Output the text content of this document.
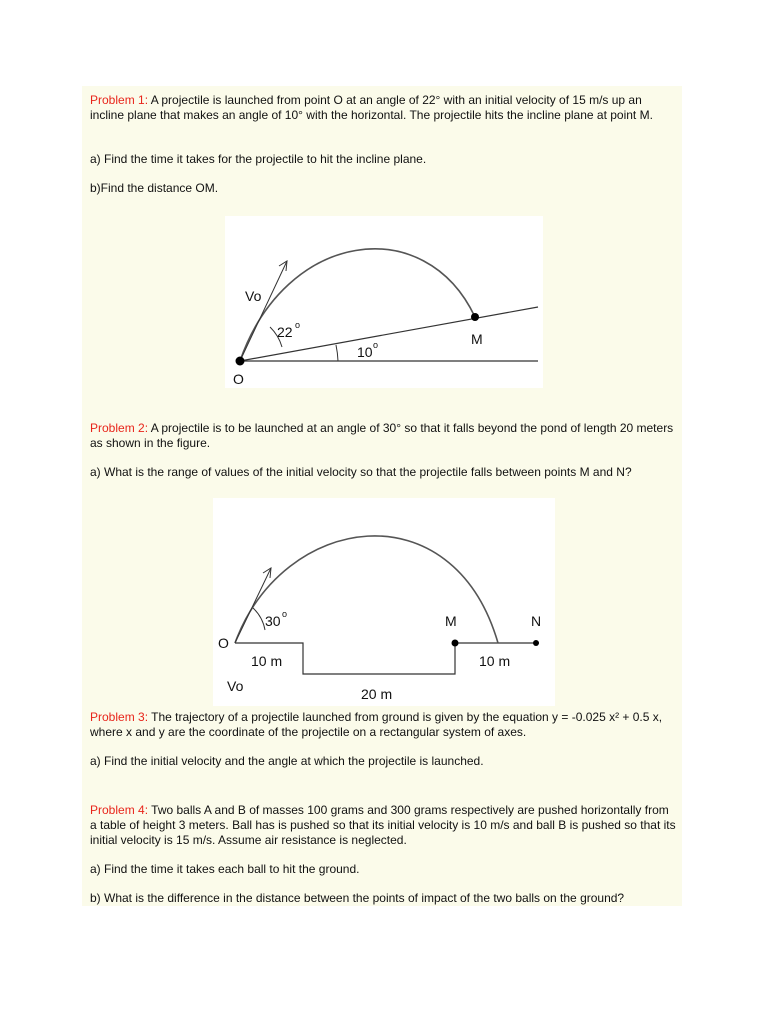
Problem 1: A projectile is launched from point O at an angle of 22° with an initial velocity of 15 m/s up an incline plane that makes an angle of 10° with the horizontal. The projectile hits the incline plane at point M.

a) Find the time it takes for the projectile to hit the incline plane.

b)Find the distance OM.

Vo
22 o
10 o
O
M

Problem 2: A projectile is to be launched at an angle of 30° so that it falls beyond the pond of length 20 meters as shown in the figure.

a) What is the range of values of the initial velocity so that the projectile falls between points M and N?

Vo
30 o
O
M	N
10 m	10 m
20 m

Problem 3: The trajectory of a projectile launched from ground is given by the equation y = -0.025 x² + 0.5 x, where x and y are the coordinate of the projectile on a rectangular system of axes.

a) Find the initial velocity and the angle at which the projectile is launched.

Problem 4: Two balls A and B of masses 100 grams and 300 grams respectively are pushed horizontally from a table of height 3 meters. Ball has is pushed so that its initial velocity is 10 m/s and ball B is pushed so that its initial velocity is 15 m/s. Assume air resistance is neglected.

a) Find the time it takes each ball to hit the ground.

b) What is the difference in the distance between the points of impact of the two balls on the ground?
